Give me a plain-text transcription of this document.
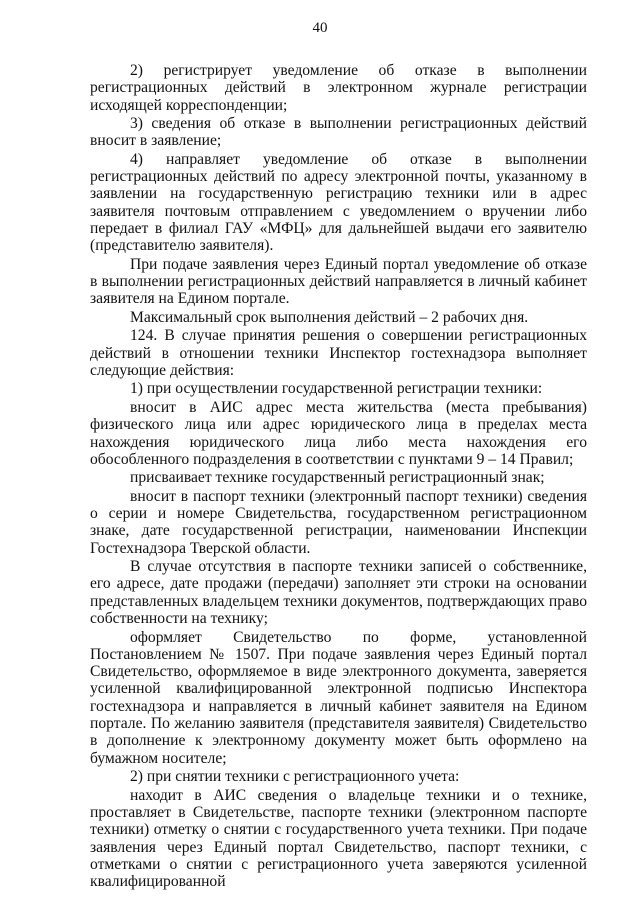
40

2) регистрирует уведомление об отказе в выполнении регистрационных действий в электронном журнале регистрации исходящей корреспонденции;

3) сведения об отказе в выполнении регистрационных действий вносит в заявление;

4) направляет уведомление об отказе в выполнении регистрационных действий по адресу электронной почты, указанному в заявлении на государственную регистрацию техники или в адрес заявителя почтовым отправлением с уведомлением о вручении либо передает в филиал ГАУ «МФЦ» для дальнейшей выдачи его заявителю (представителю заявителя).

При подаче заявления через Единый портал уведомление об отказе в выполнении регистрационных действий направляется в личный кабинет заявителя на Едином портале.

Максимальный срок выполнения действий – 2 рабочих дня.

124. В случае принятия решения о совершении регистрационных действий в отношении техники Инспектор гостехнадзора выполняет следующие действия:

1) при осуществлении государственной регистрации техники:

вносит в АИС адрес места жительства (места пребывания) физического лица или адрес юридического лица в пределах места нахождения юридического лица либо места нахождения его обособленного подразделения в соответствии с пунктами 9 – 14 Правил;

присваивает технике государственный регистрационный знак;

вносит в паспорт техники (электронный паспорт техники) сведения о серии и номере Свидетельства, государственном регистрационном знаке, дате государственной регистрации, наименовании Инспекции Гостехнадзора Тверской области.

В случае отсутствия в паспорте техники записей о собственнике, его адресе, дате продажи (передачи) заполняет эти строки на основании представленных владельцем техники документов, подтверждающих право собственности на технику;

оформляет Свидетельство по форме, установленной Постановлением № 1507. При подаче заявления через Единый портал Свидетельство, оформляемое в виде электронного документа, заверяется усиленной квалифицированной электронной подписью Инспектора гостехнадзора и направляется в личный кабинет заявителя на Едином портале. По желанию заявителя (представителя заявителя) Свидетельство в дополнение к электронному документу может быть оформлено на бумажном носителе;

2) при снятии техники с регистрационного учета:

находит в АИС сведения о владельце техники и о технике, проставляет в Свидетельстве, паспорте техники (электронном паспорте техники) отметку о снятии с государственного учета техники. При подаче заявления через Единый портал Свидетельство, паспорт техники, с отметками о снятии с регистрационного учета заверяются усиленной квалифицированной
